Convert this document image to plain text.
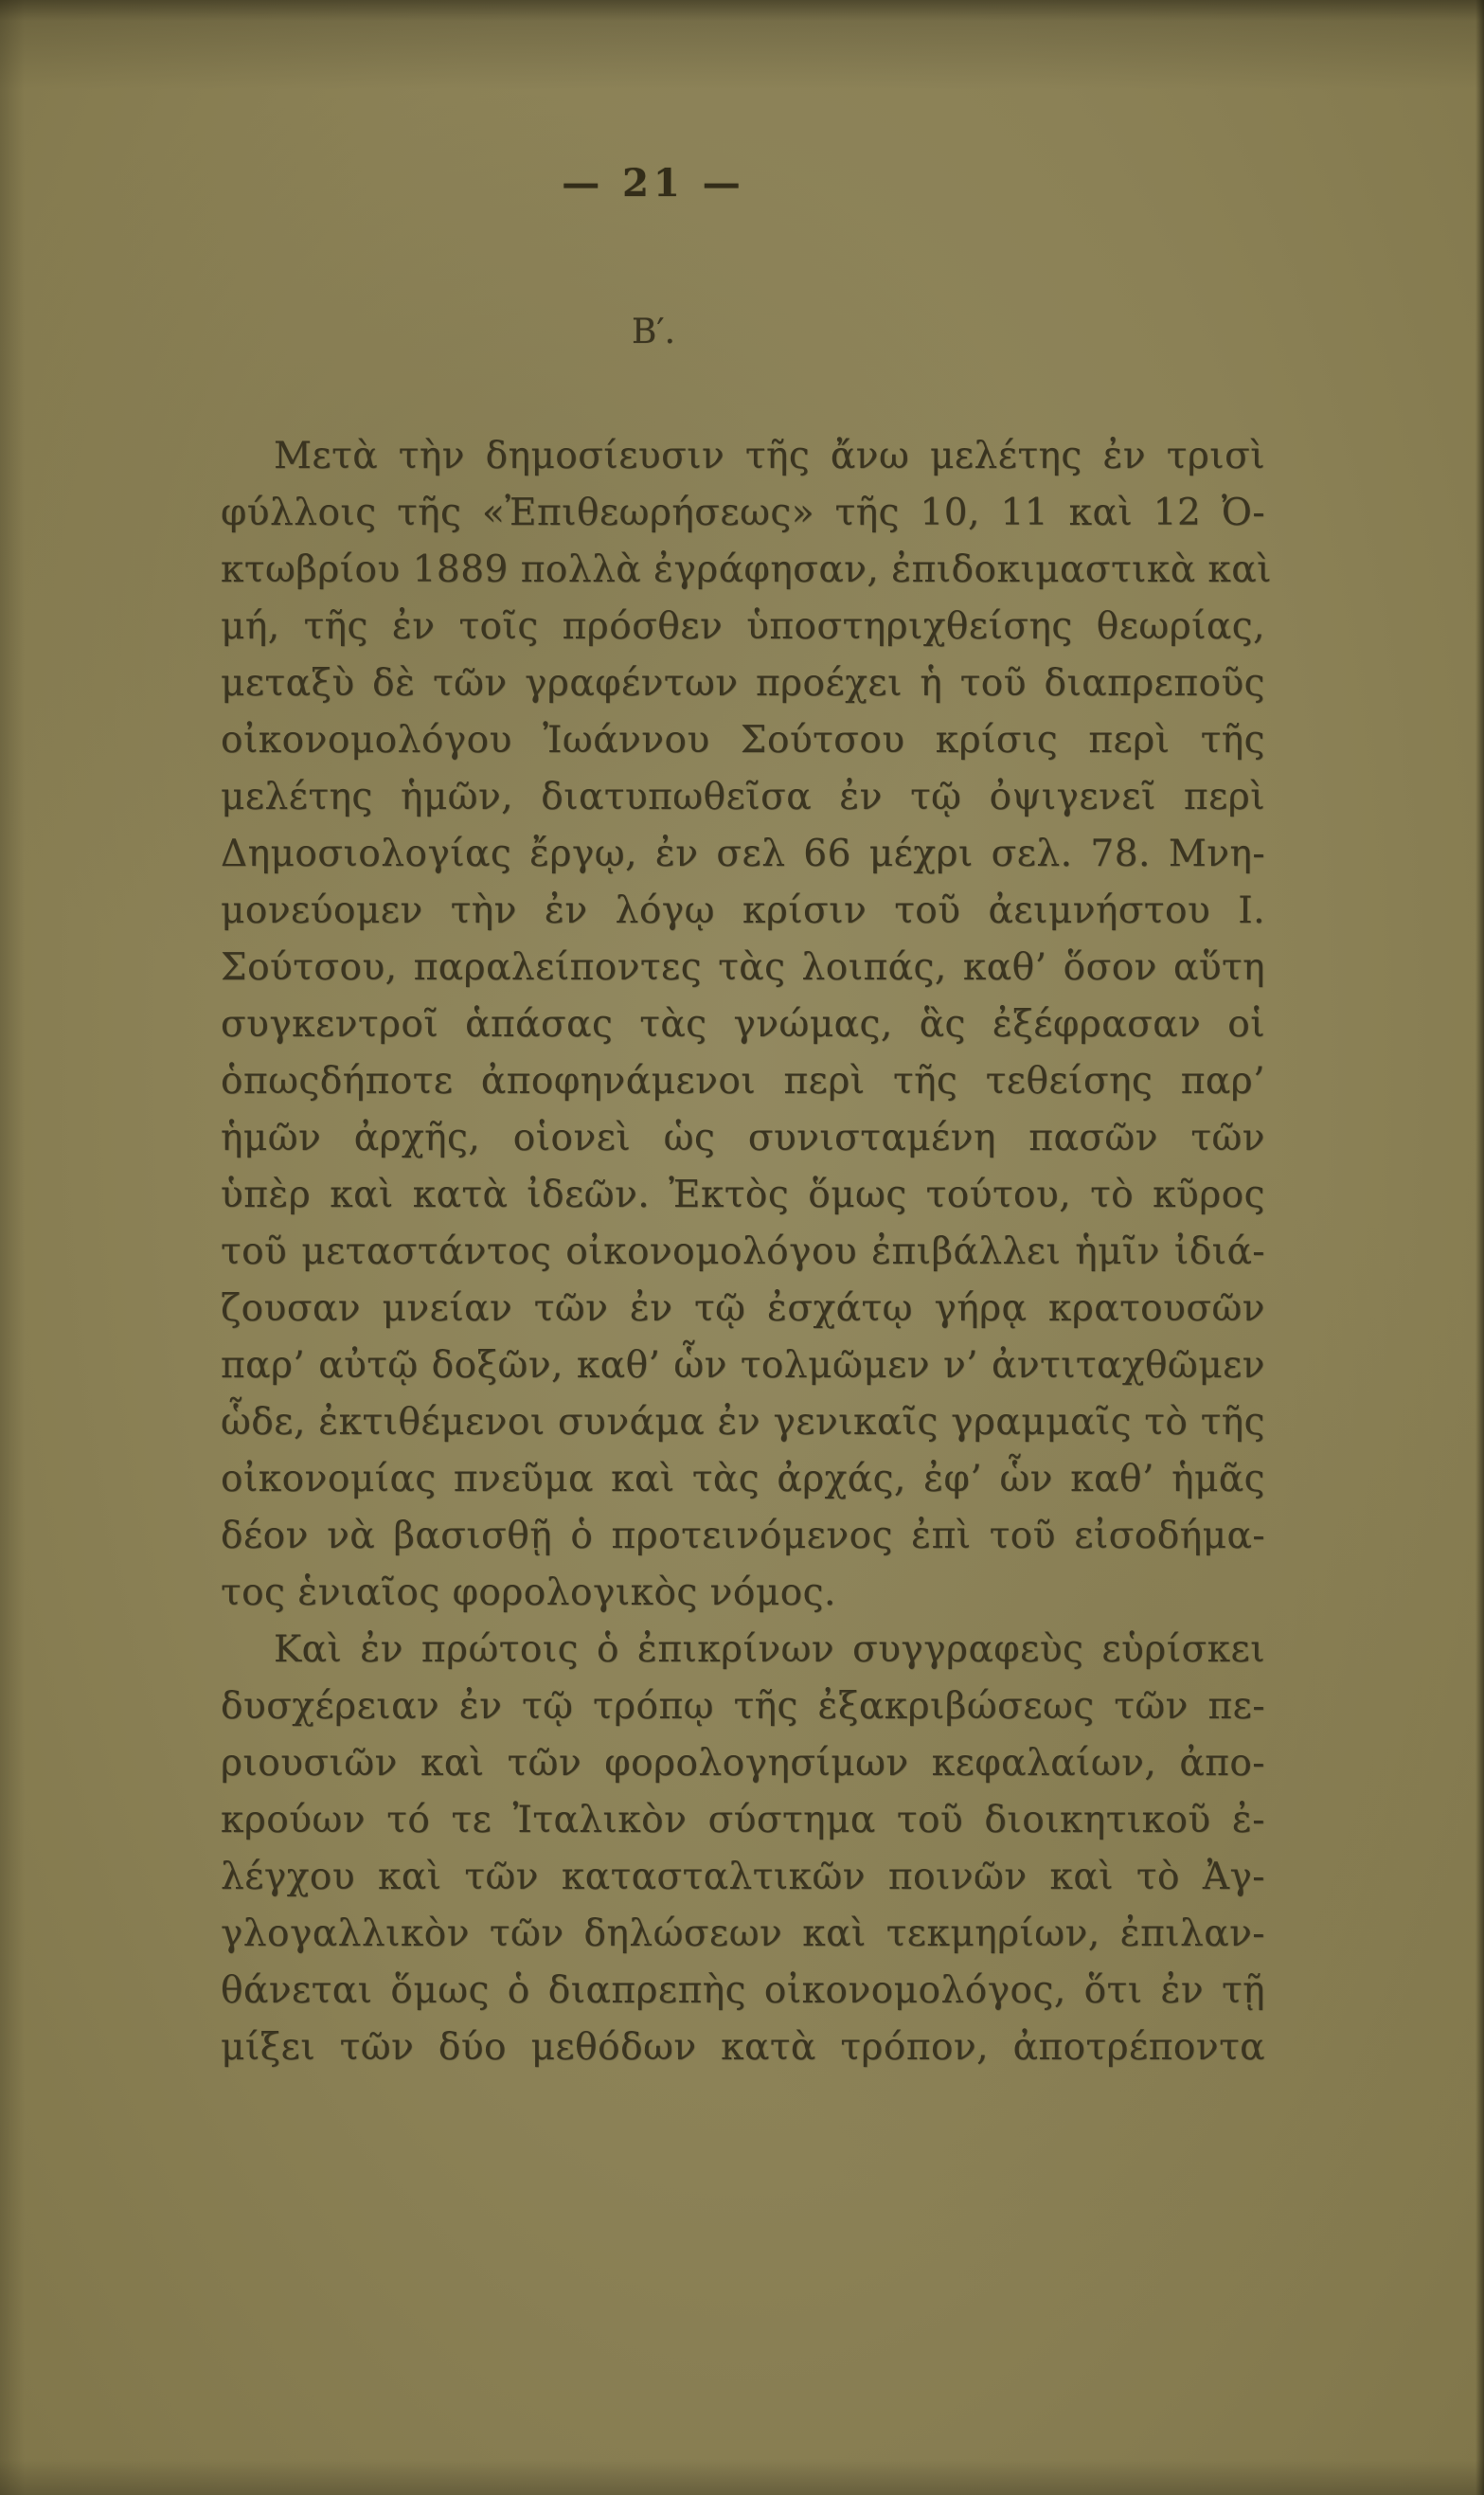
— 21 —
Β′.
Μετὰ τὴν δημοσίευσιν τῆς ἄνω μελέτης ἐν τρισὶ
φύλλοις τῆς «Ἐπιθεωρήσεως» τῆς 10, 11 καὶ 12 Ὀ-
κτωβρίου 1889 πολλὰ ἐγράφησαν, ἐπιδοκιμαστικὰ καὶ
μή, τῆς ἐν τοῖς πρόσθεν ὑποστηριχθείσης θεωρίας,
μεταξὺ δὲ τῶν γραφέντων προέχει ἡ τοῦ διαπρεποῦς
οἰκονομολόγου Ἰωάννου Σούτσου κρίσις περὶ τῆς
μελέτης ἡμῶν, διατυπωθεῖσα ἐν τῷ ὀψιγενεῖ περὶ
Δημοσιολογίας ἔργῳ, ἐν σελ 66 μέχρι σελ. 78. Μνη-
μονεύομεν τὴν ἐν λόγῳ κρίσιν τοῦ ἀειμνήστου Ι.
Σούτσου, παραλείποντες τὰς λοιπάς, καθ’ ὅσον αὕτη
συγκεντροῖ ἁπάσας τὰς γνώμας, ἃς ἐξέφρασαν οἱ
ὁπωςδήποτε ἀποφηνάμενοι περὶ τῆς τεθείσης παρ’
ἡμῶν ἀρχῆς, οἱονεὶ ὡς συνισταμένη πασῶν τῶν
ὑπὲρ καὶ κατὰ ἰδεῶν. Ἐκτὸς ὅμως τούτου, τὸ κῦρος
τοῦ μεταστάντος οἰκονομολόγου ἐπιβάλλει ἡμῖν ἰδιά-
ζουσαν μνείαν τῶν ἐν τῷ ἐσχάτῳ γήρᾳ κρατουσῶν
παρ’ αὐτῷ δοξῶν, καθ’ ὧν τολμῶμεν ν’ ἀντιταχθῶμεν
ὧδε, ἐκτιθέμενοι συνάμα ἐν γενικαῖς γραμμαῖς τὸ τῆς
οἰκονομίας πνεῦμα καὶ τὰς ἀρχάς, ἐφ’ ὧν καθ’ ἡμᾶς
δέον νὰ βασισθῇ ὁ προτεινόμενος ἐπὶ τοῦ εἰσοδήμα-
τος ἑνιαῖος φορολογικὸς νόμος.
Καὶ ἐν πρώτοις ὁ ἐπικρίνων συγγραφεὺς εὑρίσκει
δυσχέρειαν ἐν τῷ τρόπῳ τῆς ἐξακριβώσεως τῶν πε-
ριουσιῶν καὶ τῶν φορολογησίμων κεφαλαίων, ἀπο-
κρούων τό τε Ἰταλικὸν σύστημα τοῦ διοικητικοῦ ἐ-
λέγχου καὶ τῶν κατασταλτικῶν ποινῶν καὶ τὸ Ἀγ-
γλογαλλικὸν τῶν δηλώσεων καὶ τεκμηρίων, ἐπιλαν-
θάνεται ὅμως ὁ διαπρεπὴς οἰκονομολόγος, ὅτι ἐν τῇ
μίξει τῶν δύο μεθόδων κατὰ τρόπον, ἀποτρέποντα
